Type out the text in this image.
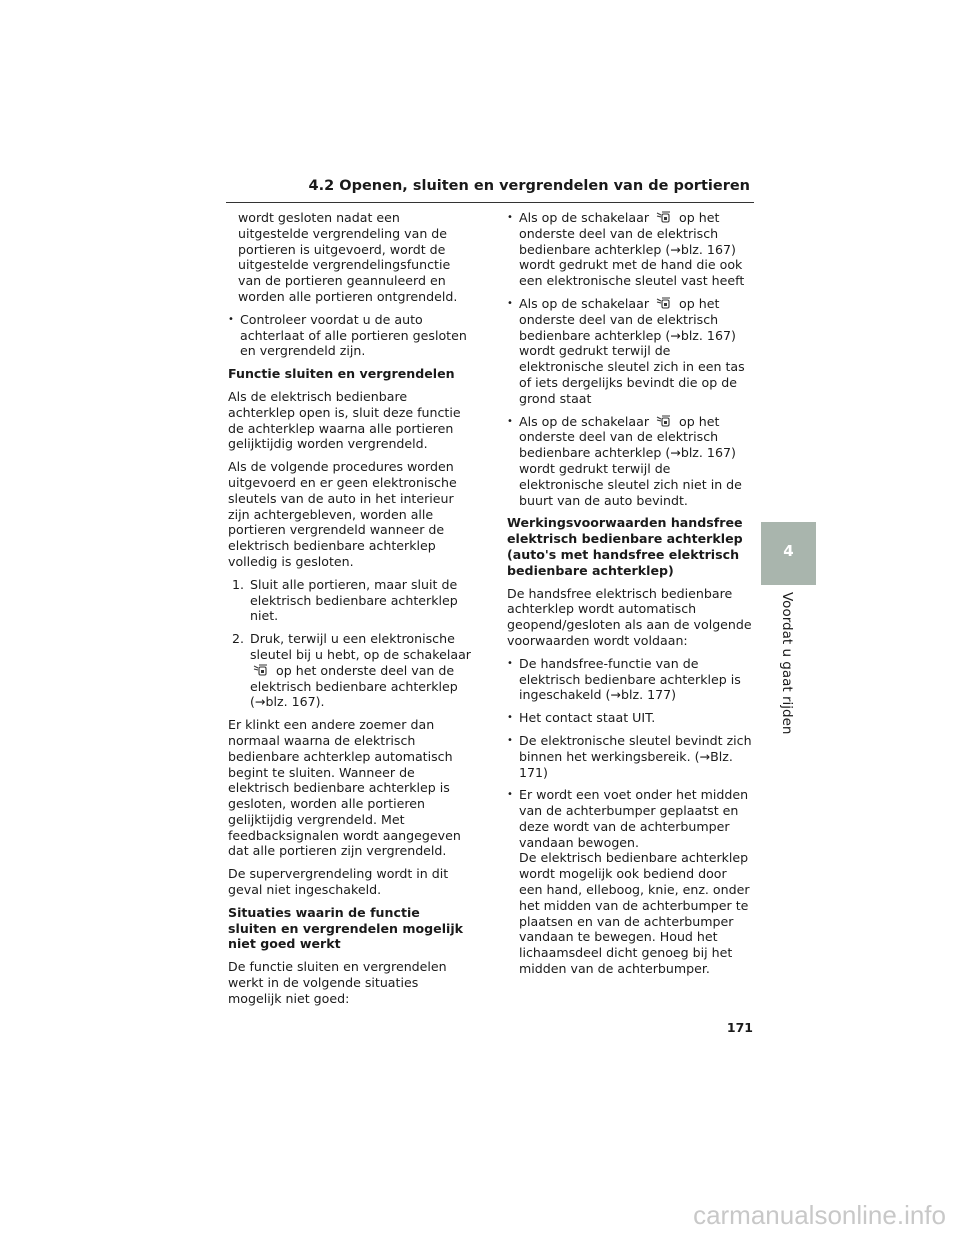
4.2 Openen, sluiten en vergrendelen van de portieren

wordt gesloten nadat een uitgestelde vergrendeling van de portieren is uitgevoerd, wordt de uitgestelde vergrendelingsfunctie van de portieren geannuleerd en worden alle portieren ontgrendeld.

• Controleer voordat u de auto achterlaat of alle portieren gesloten en vergrendeld zijn.

Functie sluiten en vergrendelen

Als de elektrisch bedienbare achterklep open is, sluit deze functie de achterklep waarna alle portieren gelijktijdig worden vergrendeld.

Als de volgende procedures worden uitgevoerd en er geen elektronische sleutels van de auto in het interieur zijn achtergebleven, worden alle portieren vergrendeld wanneer de elektrisch bedienbare achterklep volledig is gesloten.

1. Sluit alle portieren, maar sluit de elektrisch bedienbare achterklep niet.

2. Druk, terwijl u een elektronische sleutel bij u hebt, op de schakelaar  op het onderste deel van de elektrisch bedienbare achterklep (→blz. 167).

Er klinkt een andere zoemer dan normaal waarna de elektrisch bedienbare achterklep automatisch begint te sluiten. Wanneer de elektrisch bedienbare achterklep is gesloten, worden alle portieren gelijktijdig vergrendeld. Met feedbacksignalen wordt aangegeven dat alle portieren zijn vergrendeld.

De supervergrendeling wordt in dit geval niet ingeschakeld.

Situaties waarin de functie sluiten en vergrendelen mogelijk niet goed werkt

De functie sluiten en vergrendelen werkt in de volgende situaties mogelijk niet goed:

• Als op de schakelaar op het onderste deel van de elektrisch bedienbare achterklep (→blz. 167) wordt gedrukt met de hand die ook een elektronische sleutel vast heeft

• Als op de schakelaar op het onderste deel van de elektrisch bedienbare achterklep (→blz. 167) wordt gedrukt terwijl de elektronische sleutel zich in een tas of iets dergelijks bevindt die op de grond staat

• Als op de schakelaar op het onderste deel van de elektrisch bedienbare achterklep (→blz. 167) wordt gedrukt terwijl de elektronische sleutel zich niet in de buurt van de auto bevindt.

Werkingsvoorwaarden handsfree elektrisch bedienbare achterklep (auto's met handsfree elektrisch bedienbare achterklep)

De handsfree elektrisch bedienbare achterklep wordt automatisch geopend/gesloten als aan de volgende voorwaarden wordt voldaan:

• De handsfree-functie van de elektrisch bedienbare achterklep is ingeschakeld (→blz. 177)

• Het contact staat UIT.

• De elektronische sleutel bevindt zich binnen het werkingsbereik. (→Blz. 171)

• Er wordt een voet onder het midden van de achterbumper geplaatst en deze wordt van de achterbumper vandaan bewogen.

De elektrisch bedienbare achterklep wordt mogelijk ook bediend door een hand, elleboog, knie, enz. onder het midden van de achterbumper te plaatsen en van de achterbumper vandaan te bewegen. Houd het lichaamsdeel dicht genoeg bij het midden van de achterbumper.

4
Voordat u gaat rijden
171
carmanualsonline.info
